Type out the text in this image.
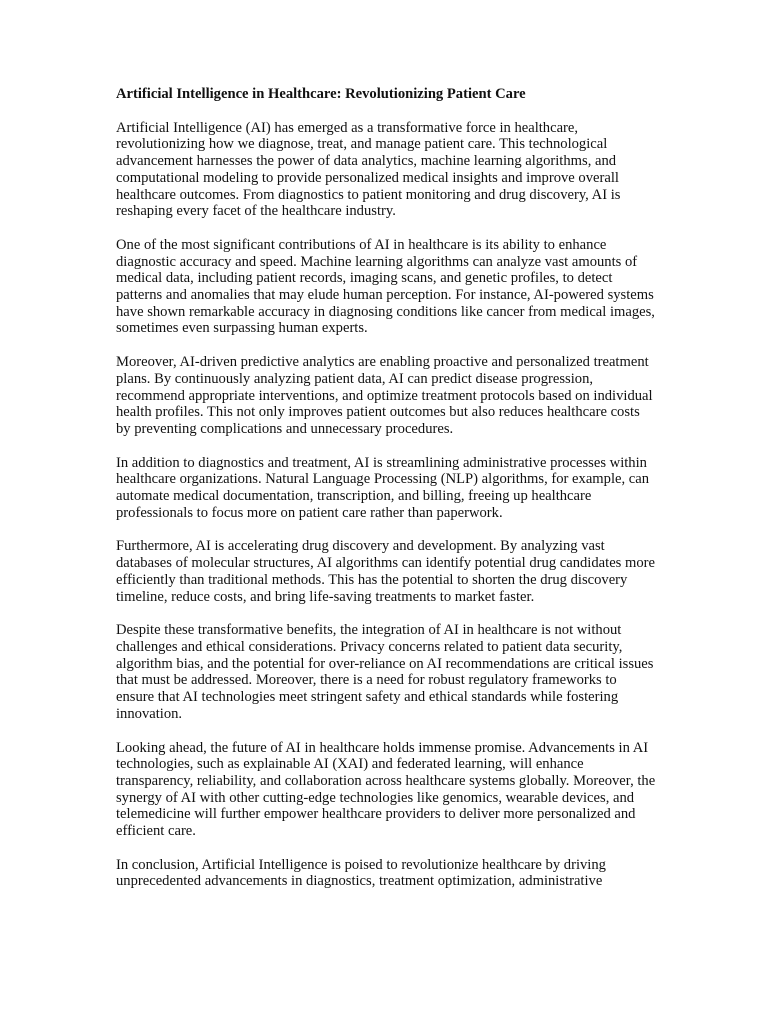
Artificial Intelligence in Healthcare: Revolutionizing Patient Care

Artificial Intelligence (AI) has emerged as a transformative force in healthcare, revolutionizing how we diagnose, treat, and manage patient care. This technological advancement harnesses the power of data analytics, machine learning algorithms, and computational modeling to provide personalized medical insights and improve overall healthcare outcomes. From diagnostics to patient monitoring and drug discovery, AI is reshaping every facet of the healthcare industry.

One of the most significant contributions of AI in healthcare is its ability to enhance diagnostic accuracy and speed. Machine learning algorithms can analyze vast amounts of medical data, including patient records, imaging scans, and genetic profiles, to detect patterns and anomalies that may elude human perception. For instance, AI-powered systems have shown remarkable accuracy in diagnosing conditions like cancer from medical images, sometimes even surpassing human experts.

Moreover, AI-driven predictive analytics are enabling proactive and personalized treatment plans. By continuously analyzing patient data, AI can predict disease progression, recommend appropriate interventions, and optimize treatment protocols based on individual health profiles. This not only improves patient outcomes but also reduces healthcare costs by preventing complications and unnecessary procedures.

In addition to diagnostics and treatment, AI is streamlining administrative processes within healthcare organizations. Natural Language Processing (NLP) algorithms, for example, can automate medical documentation, transcription, and billing, freeing up healthcare professionals to focus more on patient care rather than paperwork.

Furthermore, AI is accelerating drug discovery and development. By analyzing vast databases of molecular structures, AI algorithms can identify potential drug candidates more efficiently than traditional methods. This has the potential to shorten the drug discovery timeline, reduce costs, and bring life-saving treatments to market faster.

Despite these transformative benefits, the integration of AI in healthcare is not without challenges and ethical considerations. Privacy concerns related to patient data security, algorithm bias, and the potential for over-reliance on AI recommendations are critical issues that must be addressed. Moreover, there is a need for robust regulatory frameworks to ensure that AI technologies meet stringent safety and ethical standards while fostering innovation.

Looking ahead, the future of AI in healthcare holds immense promise. Advancements in AI technologies, such as explainable AI (XAI) and federated learning, will enhance transparency, reliability, and collaboration across healthcare systems globally. Moreover, the synergy of AI with other cutting-edge technologies like genomics, wearable devices, and telemedicine will further empower healthcare providers to deliver more personalized and efficient care.

In conclusion, Artificial Intelligence is poised to revolutionize healthcare by driving unprecedented advancements in diagnostics, treatment optimization, administrative
